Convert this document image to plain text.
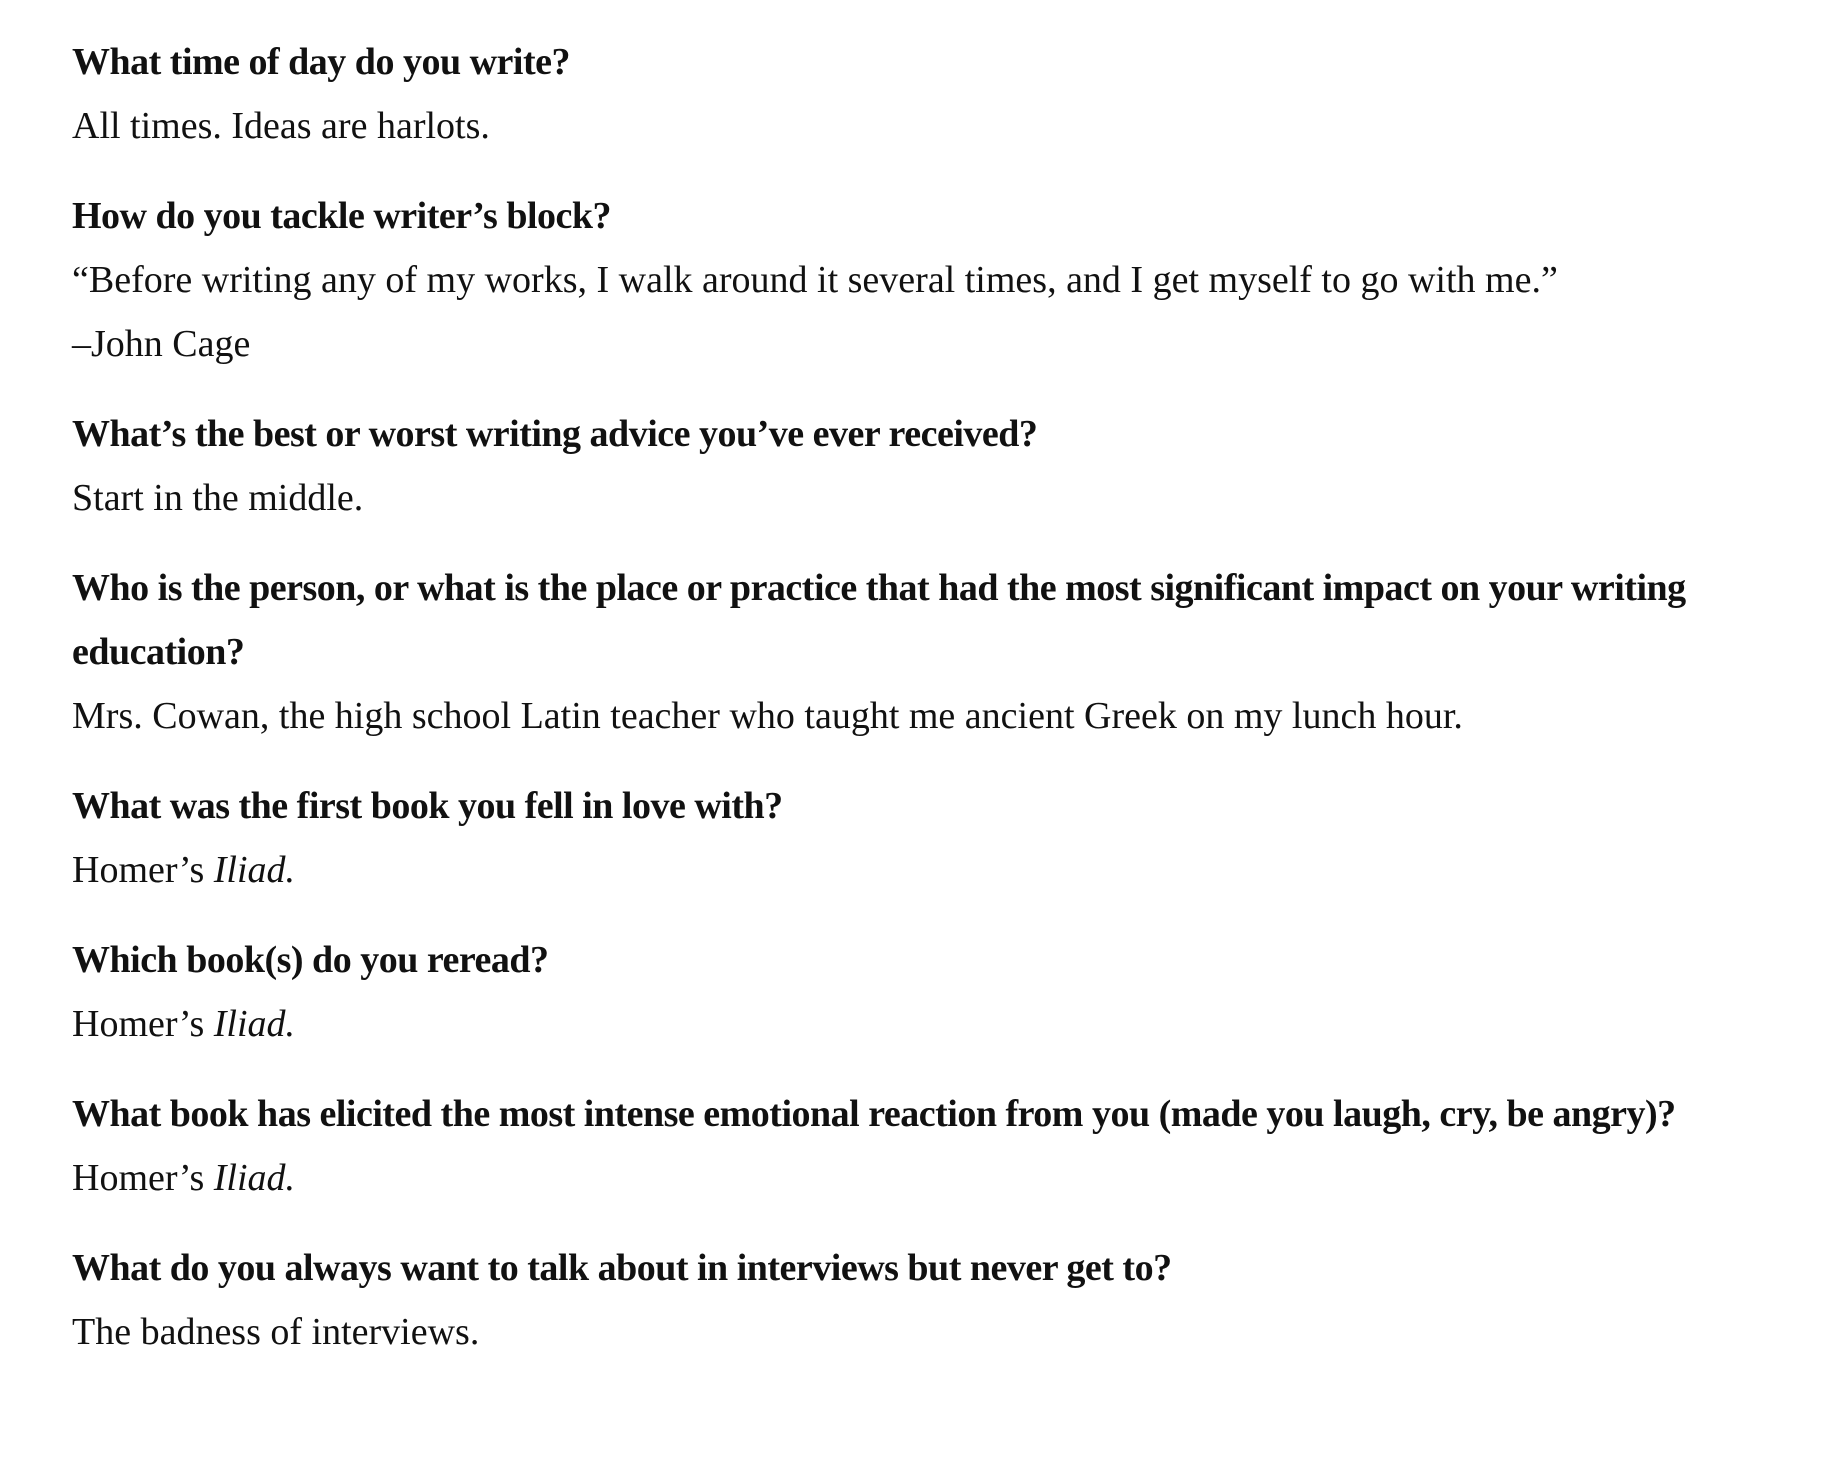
What time of day do you write?

All times. Ideas are harlots.

How do you tackle writer’s block?

“Before writing any of my works, I walk around it several times, and I get myself to go with me.”

–John Cage

What’s the best or worst writing advice you’ve ever received?

Start in the middle.

Who is the person, or what is the place or practice that had the most significant impact on your writing education?

Mrs. Cowan, the high school Latin teacher who taught me ancient Greek on my lunch hour.

What was the first book you fell in love with?

Homer’s Iliad.

Which book(s) do you reread?

Homer’s Iliad.

What book has elicited the most intense emotional reaction from you (made you laugh, cry, be angry)?

Homer’s Iliad.

What do you always want to talk about in interviews but never get to?

The badness of interviews.
